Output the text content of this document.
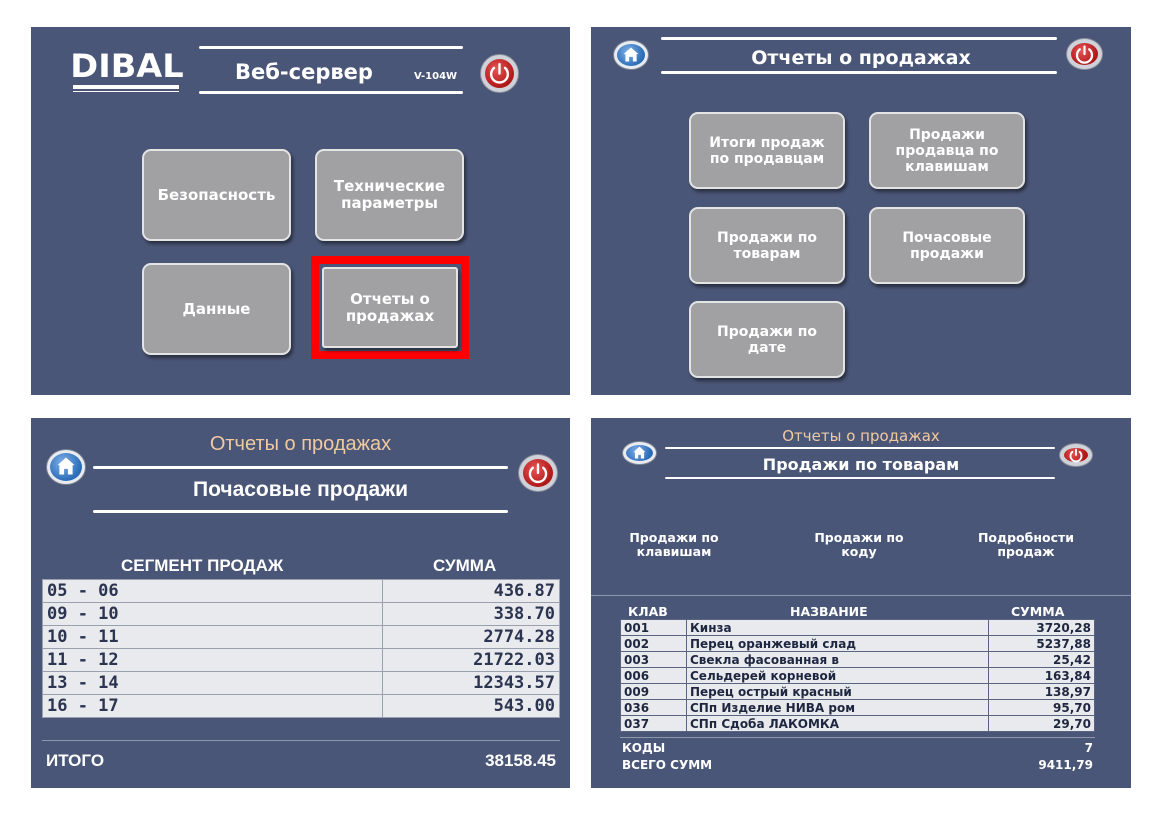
DIBAL Веб-сервер	V-104W
Безопасность	Технические
параметры
Данные
Отчеты о
продажах
Отчеты о продажах
Итоги продаж
по продавцам
Продажи
продавца по
клавишам
Продажи по
товарам
Почасовые
продажи
Продажи по
дате
Отчеты о продажах
Почасовые продажи
СЕГМЕНТ ПРОДАЖ	СУММА
05 - 06	436.87
09 - 10	338.70
10 - 11	2774.28
11 - 12	21722.03
13 - 14	12343.57
16 - 17	543.00
ИТОГО	38158.45
Отчеты о продажах
Продажи по товарам
Продажи по
клавишам
Продажи по
коду
Подробности
продаж
КЛАВ	НАЗВАНИЕ	СУММА
001	Кинза	3720,28
002	Перец оранжевый слад	5237,88
003	Свекла фасованная в	25,42
006	Сельдерей корневой	163,84
009	Перец острый красный	138,97
036	СПп Изделие НИВА ром	95,70
037	СПп Сдоба ЛАКОМКА	29,70
КОДЫ	7
ВСЕГО СУММ	9411,79
